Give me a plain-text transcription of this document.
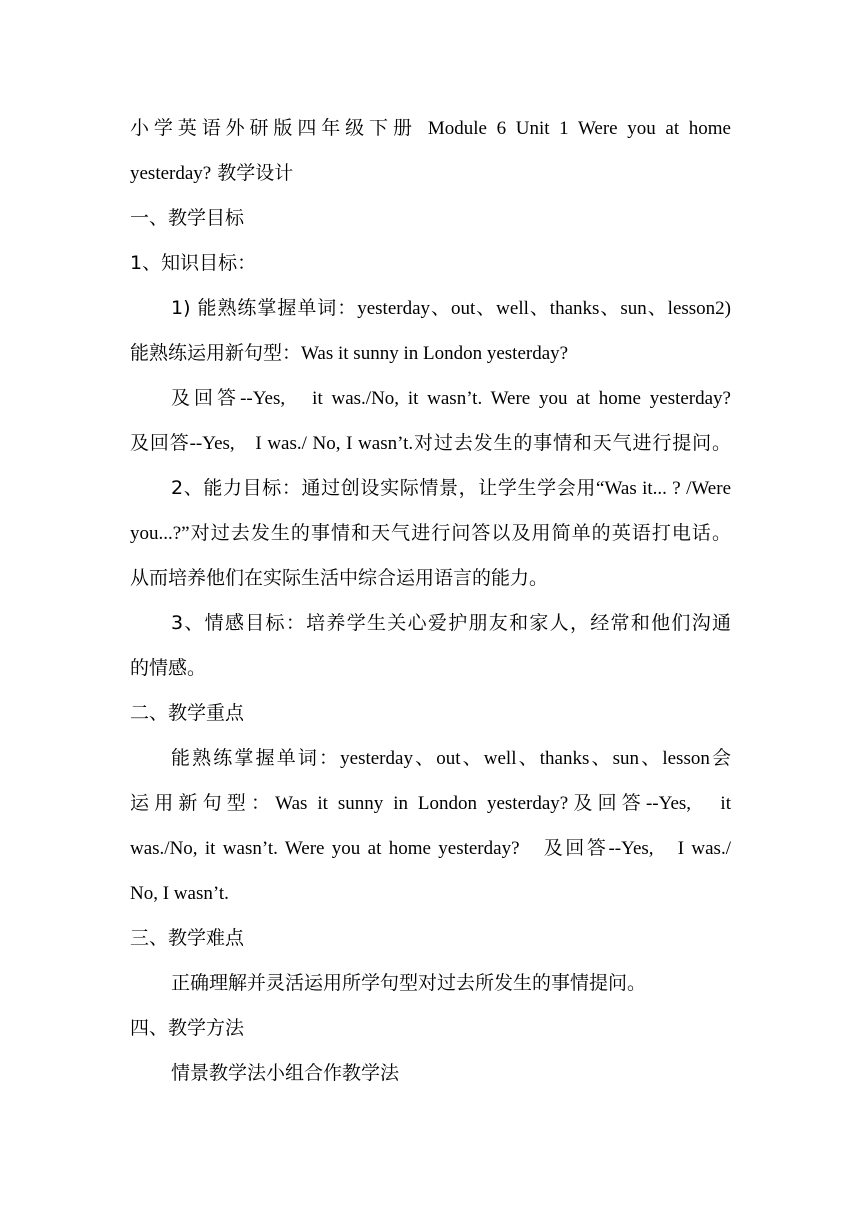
小学英语外研版四年级下册 Module 6 Unit 1 Were you at home

yesterday? 教学设计

一、教学目标

1、知识目标：

1) 能熟练掌握单词：yesterday、out、well、thanks、sun、lesson2)

能熟练运用新句型：Was it sunny in London yesterday?

及回答--Yes,　it was./No, it wasn’t. Were you at home yesterday?

及回答--Yes,　I was./ No, I wasn’t.对过去发生的事情和天气进行提问。

2、能力目标：通过创设实际情景，让学生学会用“Was it... ? /Were

you...?”对过去发生的事情和天气进行问答以及用简单的英语打电话。

从而培养他们在实际生活中综合运用语言的能力。

3、情感目标：培养学生关心爱护朋友和家人，经常和他们沟通

的情感。

二、教学重点

能熟练掌握单词：yesterday、out、well、thanks、sun、lesson会

运用新句型：Was it sunny in London yesterday?及回答--Yes,　it

was./No, it wasn’t. Were you at home yesterday?　及回答--Yes,　I was./

No, I wasn’t.

三、教学难点

正确理解并灵活运用所学句型对过去所发生的事情提问。

四、教学方法

情景教学法小组合作教学法
